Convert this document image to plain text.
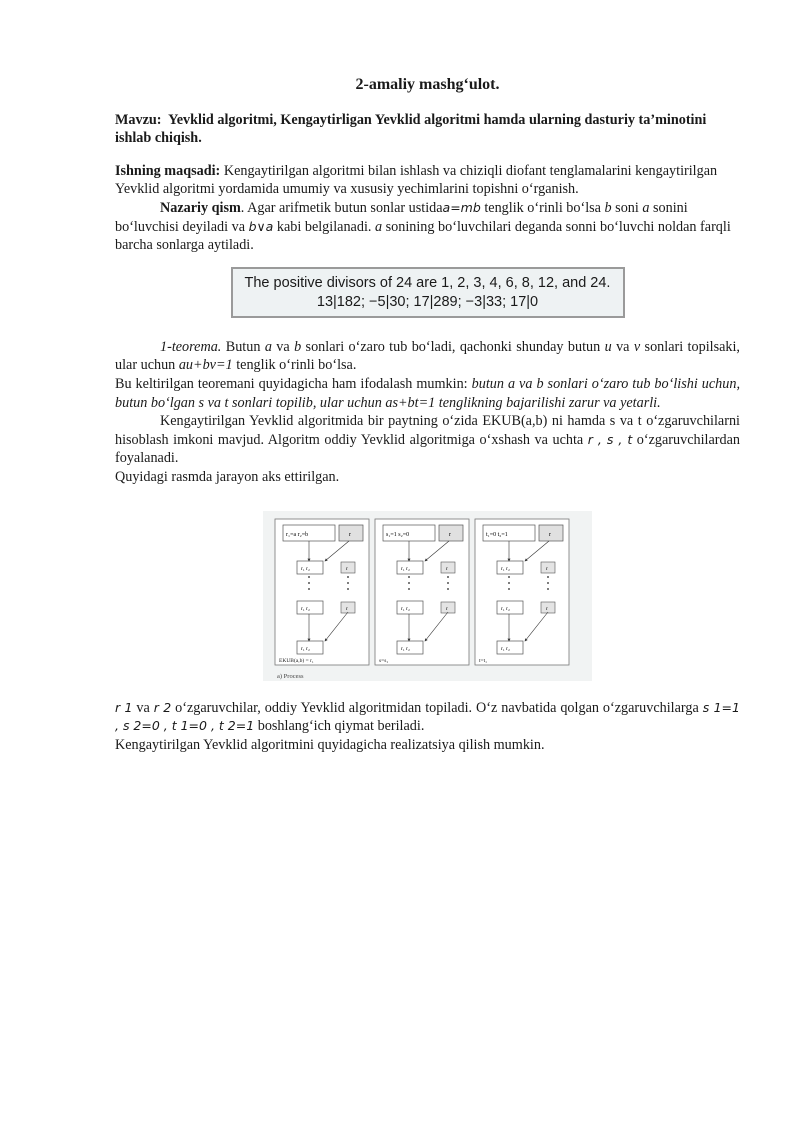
2-amaliy mashg‘ulot.

Mavzu: Yevklid algoritmi, Kengaytirligan Yevklid algoritmi hamda ularning dasturiy ta’minotini ishlab chiqish.

Ishning maqsadi: Kengaytirilgan algoritmi bilan ishlash va chiziqli diofant tenglamalarini kengaytirilgan Yevklid algoritmi yordamida umumiy va xususiy yechimlarini topishni o‘rganish.

Nazariy qism. Agar arifmetik butun sonlar ustidaa=mb tenglik o‘rinli bo‘lsa b soni a sonini bo‘luvchisi deyiladi va b∨a kabi belgilanadi. a sonining bo‘luvchilari deganda sonni bo‘luvchi noldan farqli barcha sonlarga aytiladi.

The positive divisors of 24 are 1, 2, 3, 4, 6, 8, 12, and 24.
13|182; −5|30; 17|289; −3|33; 17|0

1-teorema. Butun a va b sonlari o‘zaro tub bo‘ladi, qachonki shunday butun u va v sonlari topilsaki, ular uchun au+bv=1 tenglik o‘rinli bo‘lsa.

Bu keltirilgan teoremani quyidagicha ham ifodalash mumkin: butun a va b sonlari o‘zaro tub bo‘lishi uchun, butun bo‘lgan s va t sonlari topilib, ular uchun as+bt=1 tenglikning bajarilishi zarur va yetarli.

Kengaytirilgan Yevklid algoritmida bir paytning o‘zida EKUB(a,b) ni hamda s va t o‘zgaruvchilarni hisoblash imkoni mavjud. Algoritm oddiy Yevklid algoritmiga o‘xshash va uchta r , s , t o‘zgaruvchilardan foyalanadi.

Quyidagi rasmda jarayon aks ettirilgan.

r₁=a r₂=b	r
r₁ r₂	r
r₁ r₂	r
r₁ r₂
EKUB(a,b) = r₁
s₁=1 s₂=0	r
r₁ r₂	r
r₁ r₂	r
r₁ r₂
s=s₁
t₁=0 t₂=1	r
r₁ r₂	r
r₁ r₂	r
r₁ r₂
t=t₁
a) Process

r 1 va r 2 o‘zgaruvchilar, oddiy Yevklid algoritmidan topiladi. O‘z navbatida qolgan o‘zgaruvchilarga s 1=1 , s 2=0 , t 1=0 , t 2=1 boshlang‘ich qiymat beriladi.

Kengaytirilgan Yevklid algoritmini quyidagicha realizatsiya qilish mumkin.
